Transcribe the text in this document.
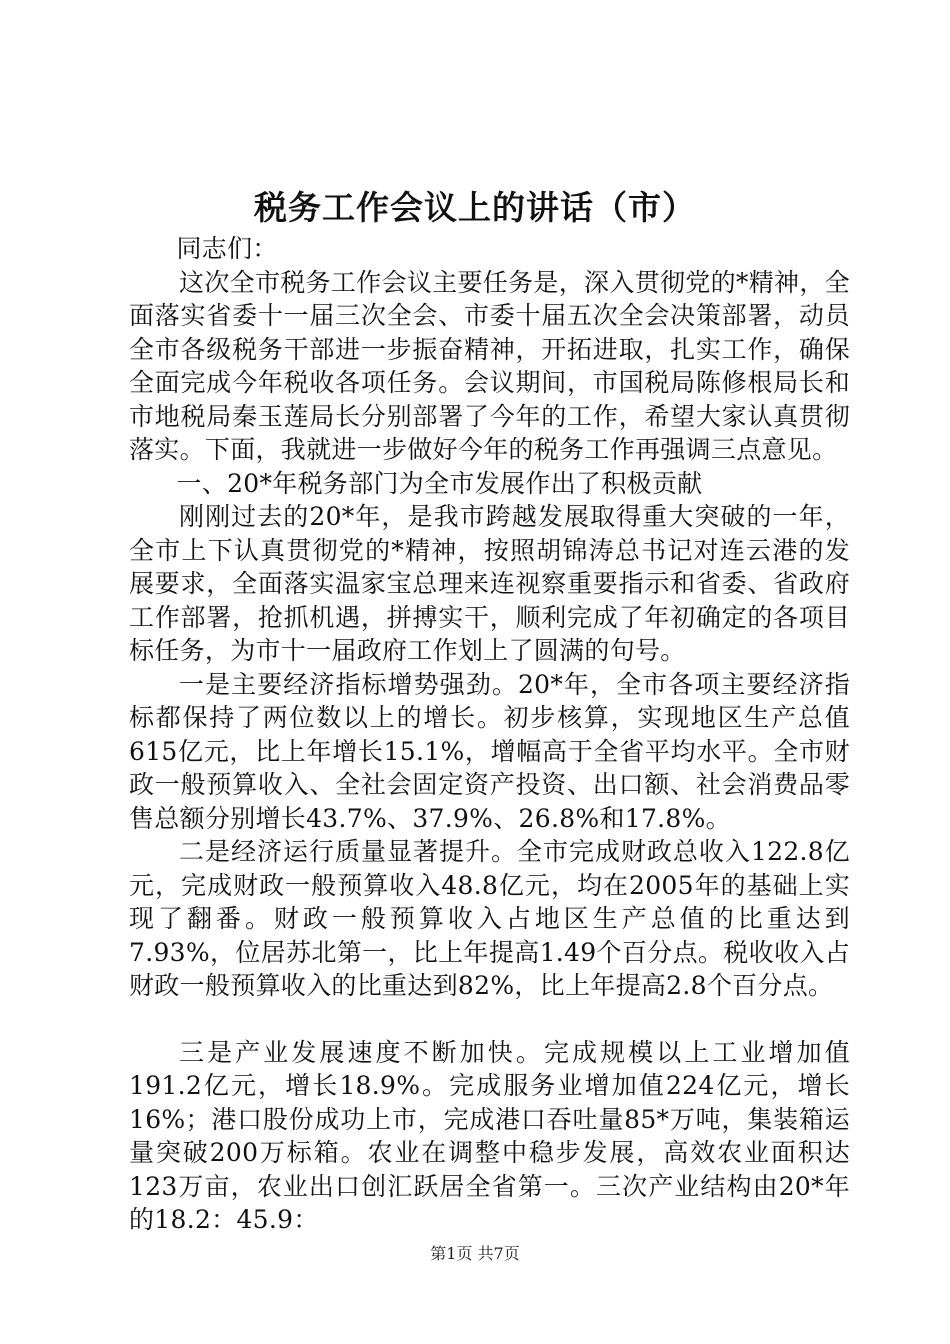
税务工作会议上的讲话（市）

同志们：

这次全市税务工作会议主要任务是，深入贯彻党的*精神，全面落实省委十一届三次全会、市委十届五次全会决策部署，动员全市各级税务干部进一步振奋精神，开拓进取，扎实工作，确保全面完成今年税收各项任务。会议期间，市国税局陈修根局长和市地税局秦玉莲局长分别部署了今年的工作，希望大家认真贯彻落实。下面，我就进一步做好今年的税务工作再强调三点意见。

一、20*年税务部门为全市发展作出了积极贡献

刚刚过去的20*年，是我市跨越发展取得重大突破的一年，全市上下认真贯彻党的*精神，按照胡锦涛总书记对连云港的发展要求，全面落实温家宝总理来连视察重要指示和省委、省政府工作部署，抢抓机遇，拼搏实干，顺利完成了年初确定的各项目标任务，为市十一届政府工作划上了圆满的句号。

一是主要经济指标增势强劲。20*年，全市各项主要经济指标都保持了两位数以上的增长。初步核算，实现地区生产总值615亿元，比上年增长15.1%，增幅高于全省平均水平。全市财政一般预算收入、全社会固定资产投资、出口额、社会消费品零售总额分别增长43.7%、37.9%、26.8%和17.8%。

二是经济运行质量显著提升。全市完成财政总收入122.8亿元，完成财政一般预算收入48.8亿元，均在2005年的基础上实现了翻番。财政一般预算收入占地区生产总值的比重达到7.93%，位居苏北第一，比上年提高1.49个百分点。税收收入占财政一般预算收入的比重达到82%，比上年提高2.8个百分点。

三是产业发展速度不断加快。完成规模以上工业增加值191.2亿元，增长18.9%。完成服务业增加值224亿元，增长16%；港口股份成功上市，完成港口吞吐量85*万吨，集装箱运量突破200万标箱。农业在调整中稳步发展，高效农业面积达123万亩，农业出口创汇跃居全省第一。三次产业结构由20*年的18.2：45.9：

第1页 共7页
